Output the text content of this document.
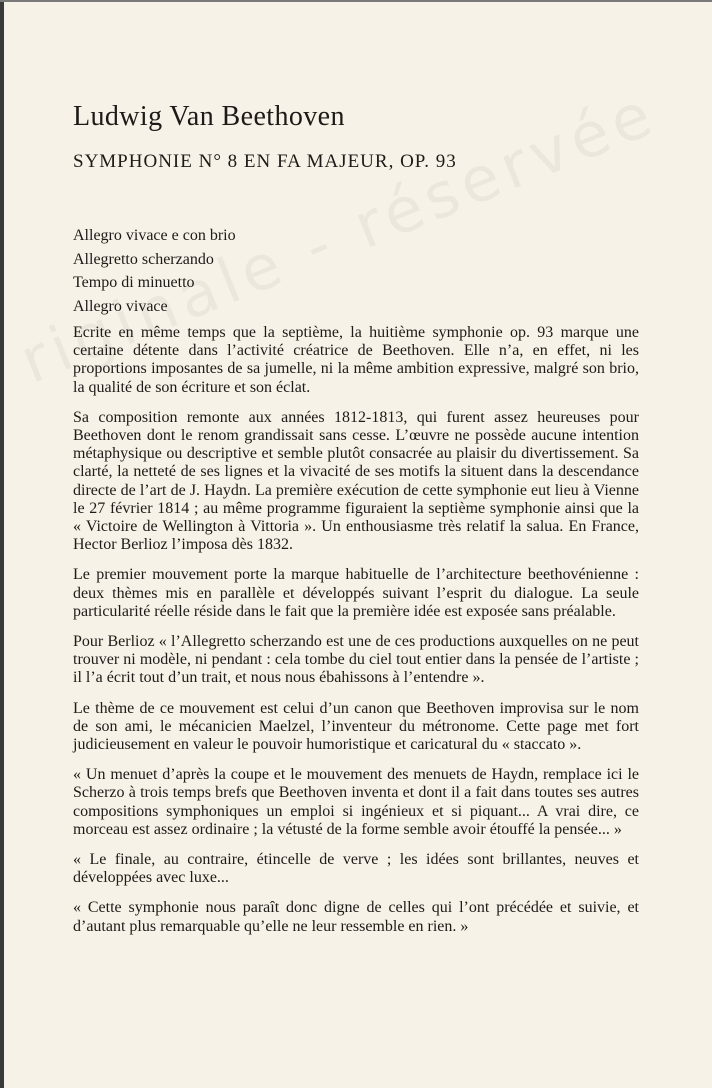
Ludwig Van Beethoven
SYMPHONIE N° 8 EN FA MAJEUR, OP. 93
Allegro vivace e con brio
Allegretto scherzando
Tempo di minuetto
Allegro vivace

Ecrite en même temps que la septième, la huitième symphonie op. 93 marque une certaine détente dans l’activité créatrice de Beethoven. Elle n’a, en effet, ni les proportions imposantes de sa jumelle, ni la même ambition expressive, malgré son brio, la qualité de son écriture et son éclat.

Sa composition remonte aux années 1812-1813, qui furent assez heureuses pour Beethoven dont le renom grandissait sans cesse. L’œuvre ne possède aucune intention métaphysique ou descriptive et semble plutôt consacrée au plaisir du divertissement. Sa clarté, la netteté de ses lignes et la vivacité de ses motifs la situent dans la descendance directe de l’art de J. Haydn. La première exécution de cette symphonie eut lieu à Vienne le 27 février 1814 ; au même programme figuraient la septième symphonie ainsi que la « Victoire de Wellington à Vittoria ». Un enthousiasme très relatif la salua. En France, Hector Berlioz l’imposa dès 1832.

Le premier mouvement porte la marque habituelle de l’architecture beethovénienne : deux thèmes mis en parallèle et développés suivant l’esprit du dialogue. La seule particularité réelle réside dans le fait que la première idée est exposée sans préalable.

Pour Berlioz « l’Allegretto scherzando est une de ces productions auxquelles on ne peut trouver ni modèle, ni pendant : cela tombe du ciel tout entier dans la pensée de l’artiste ; il l’a écrit tout d’un trait, et nous nous ébahissons à l’entendre ».

Le thème de ce mouvement est celui d’un canon que Beethoven improvisa sur le nom de son ami, le mécanicien Maelzel, l’inventeur du métronome. Cette page met fort judicieusement en valeur le pouvoir humoristique et caricatural du « staccato ».

« Un menuet d’après la coupe et le mouvement des menuets de Haydn, remplace ici le Scherzo à trois temps brefs que Beethoven inventa et dont il a fait dans toutes ses autres compositions symphoniques un emploi si ingénieux et si piquant... A vrai dire, ce morceau est assez ordinaire ; la vétusté de la forme semble avoir étouffé la pensée... »

« Le finale, au contraire, étincelle de verve ; les idées sont brillantes, neuves et développées avec luxe...

« Cette symphonie nous paraît donc digne de celles qui l’ont précédée et suivie, et d’autant plus remarquable qu’elle ne leur ressemble en rien. »
